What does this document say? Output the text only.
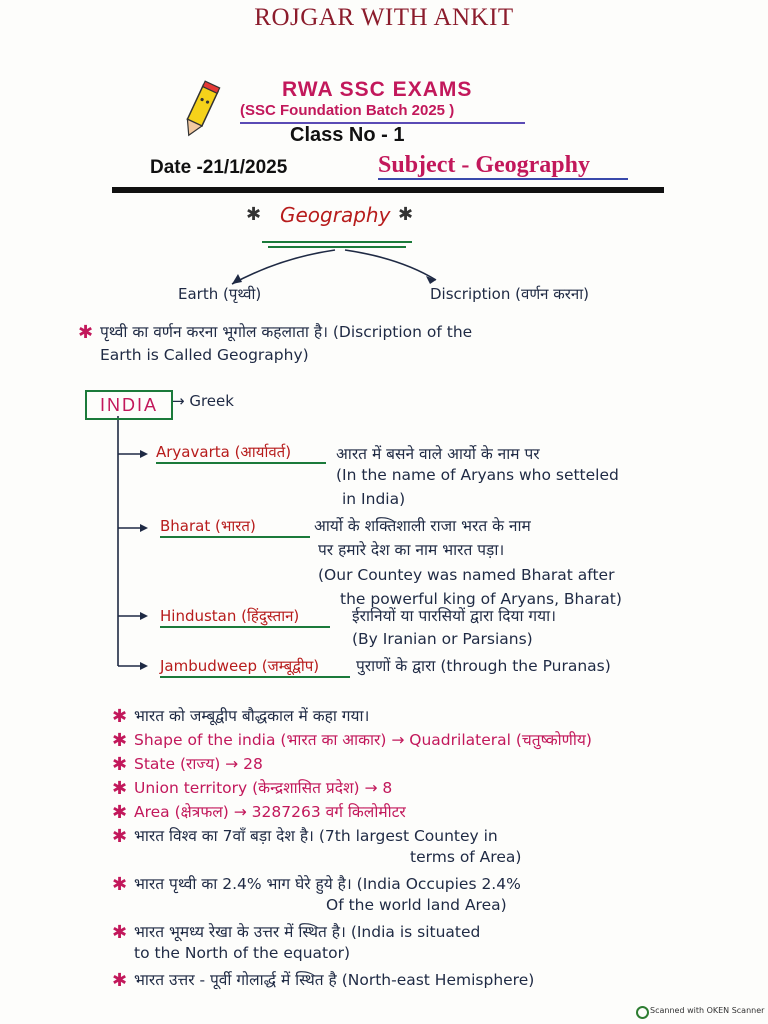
ROJGAR WITH ANKIT
RWA SSC EXAMS
(SSC Foundation Batch 2025 )
Class No - 1
Date -21/1/2025	Subject - Geography
✱ Geography ✱
Earth (पृथ्वी)	Discription (वर्णन करना)
✱ पृथ्वी का वर्णन करना भूगोल कहलाता है। (Discription of the
Earth is Called Geography)
INDIA → Greek
Aryavarta (आर्यावर्त)	आरत में बसने वाले आर्यो के नाम पर
(In the name of Aryans who setteled
in India)
Bharat (भारत)	आर्यो के शक्तिशाली राजा भरत के नाम
पर हमारे देश का नाम भारत पड़ा।
(Our Countey was named Bharat after
the powerful king of Aryans, Bharat)
Hindustan (हिंदुस्तान)	ईरानियों या पारसियों द्वारा दिया गया।
(By Iranian or Parsians)
Jambudweep (जम्बूद्वीप) पुराणों के द्वारा (through the Puranas)
✱ भारत को जम्बूद्वीप बौद्धकाल में कहा गया।
✱ Shape of the india (भारत का आकार) → Quadrilateral (चतुष्कोणीय)
✱ State (राज्य) → 28
✱ Union territory (केन्द्रशासित प्रदेश) → 8
✱ Area (क्षेत्रफल) → 3287263 वर्ग किलोमीटर
✱ भारत विश्व का 7वाँ बड़ा देश है। (7th largest Countey in
terms of Area)
✱ भारत पृथ्वी का 2.4% भाग घेरे हुये है। (India Occupies 2.4%
Of the world land Area)
✱ भारत भूमध्य रेखा के उत्तर में स्थित है। (India is situated
to the North of the equator)
✱ भारत उत्तर - पूर्वी गोलार्द्ध में स्थित है (North-east Hemisphere)
Scanned with OKEN Scanner
